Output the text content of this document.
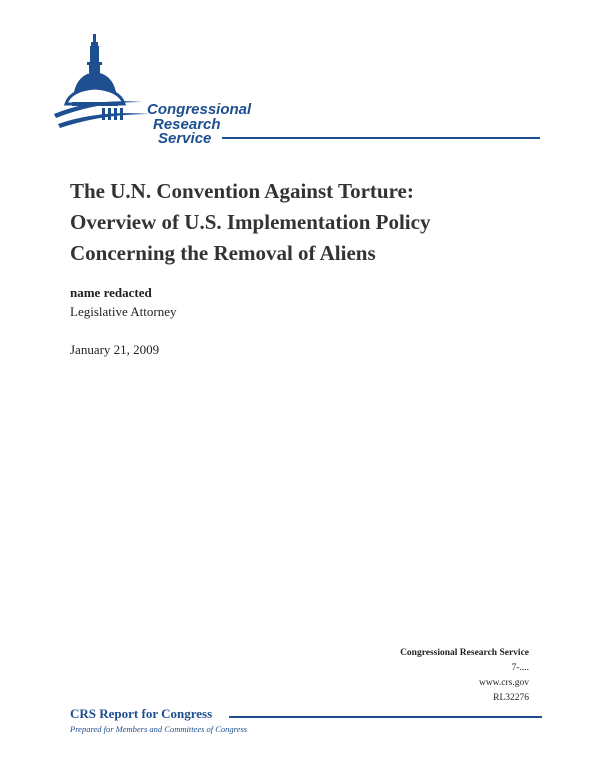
Congressional
Research
Service
The U.N. Convention Against Torture:
Overview of U.S. Implementation Policy
Concerning the Removal of Aliens
name redacted
Legislative Attorney
January 21, 2009
Congressional Research Service
7-....
www.crs.gov
RL32276
CRS Report for Congress
Prepared for Members and Committees of Congress
